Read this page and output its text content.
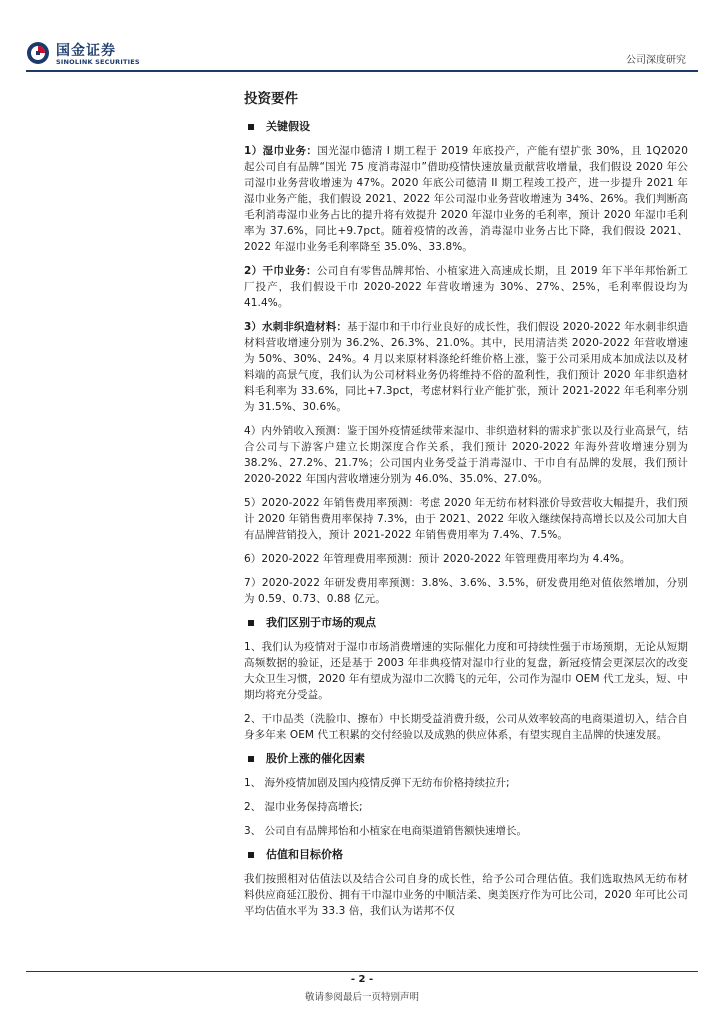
国金证券
SINOLINK SECURITIES	公司深度研究
投资要件
关键假设

1）湿巾业务：国光湿巾德清 I 期工程于 2019 年底投产，产能有望扩张 30%，且 1Q2020 起公司自有品牌“国光 75 度消毒湿巾”借助疫情快速放量贡献营收增量，我们假设 2020 年公司湿巾业务营收增速为 47%。2020 年底公司德清 II 期工程竣工投产，进一步提升 2021 年湿巾业务产能，我们假设 2021、2022 年公司湿巾业务营收增速为 34%、26%。我们判断高毛利消毒湿巾业务占比的提升将有效提升 2020 年湿巾业务的毛利率，预计 2020 年湿巾毛利率为 37.6%，同比+9.7pct。随着疫情的改善，消毒湿巾业务占比下降，我们假设 2021、2022 年湿巾业务毛利率降至 35.0%、33.8%。

2）干巾业务：公司自有零售品牌邦怡、小植家进入高速成长期，且 2019 年下半年邦怡新工厂投产，我们假设干巾 2020-2022 年营收增速为 30%、27%、25%，毛利率假设均为 41.4%。

3）水刺非织造材料：基于湿巾和干巾行业良好的成长性，我们假设 2020-2022 年水刺非织造材料营收增速分别为 36.2%、26.3%、21.0%。其中，民用清洁类 2020-2022 年营收增速为 50%、30%、24%。4 月以来原材料涤纶纤维价格上涨，鉴于公司采用成本加成法以及材料端的高景气度，我们认为公司材料业务仍将维持不俗的盈利性，我们预计 2020 年非织造材料毛利率为 33.6%，同比+7.3pct，考虑材料行业产能扩张，预计 2021-2022 年毛利率分别为 31.5%、30.6%。

4）内外销收入预测：鉴于国外疫情延续带来湿巾、非织造材料的需求扩张以及行业高景气，结合公司与下游客户建立长期深度合作关系，我们预计 2020-2022 年海外营收增速分别为 38.2%、27.2%、21.7%；公司国内业务受益于消毒湿巾、干巾自有品牌的发展，我们预计 2020-2022 年国内营收增速分别为 46.0%、35.0%、27.0%。

5）2020-2022 年销售费用率预测：考虑 2020 年无纺布材料涨价导致营收大幅提升，我们预计 2020 年销售费用率保持 7.3%，由于 2021、2022 年收入继续保持高增长以及公司加大自有品牌营销投入，预计 2021-2022 年销售费用率为 7.4%、7.5%。

6）2020-2022 年管理费用率预测：预计 2020-2022 年管理费用率均为 4.4%。

7）2020-2022 年研发费用率预测：3.8%、3.6%、3.5%，研发费用绝对值依然增加，分别为 0.59、0.73、0.88 亿元。

我们区别于市场的观点

1、我们认为疫情对于湿巾市场消费增速的实际催化力度和可持续性强于市场预期，无论从短期高频数据的验证，还是基于 2003 年非典疫情对湿巾行业的复盘，新冠疫情会更深层次的改变大众卫生习惯，2020 年有望成为湿巾二次腾飞的元年，公司作为湿巾 OEM 代工龙头，短、中期均将充分受益。

2、干巾品类（洗脸巾、擦布）中长期受益消费升级，公司从效率较高的电商渠道切入，结合自身多年来 OEM 代工积累的交付经验以及成熟的供应体系，有望实现自主品牌的快速发展。

股价上涨的催化因素

1、 海外疫情加剧及国内疫情反弹下无纺布价格持续拉升;

2、 湿巾业务保持高增长;

3、 公司自有品牌邦怡和小植家在电商渠道销售额快速增长。

估值和目标价格

我们按照相对估值法以及结合公司自身的成长性，给予公司合理估值。我们选取热风无纺布材料供应商延江股份、拥有干巾湿巾业务的中顺洁柔、奥美医疗作为可比公司，2020 年可比公司平均估值水平为 33.3 倍，我们认为诺邦不仅

- 2 -
敬请参阅最后一页特别声明
